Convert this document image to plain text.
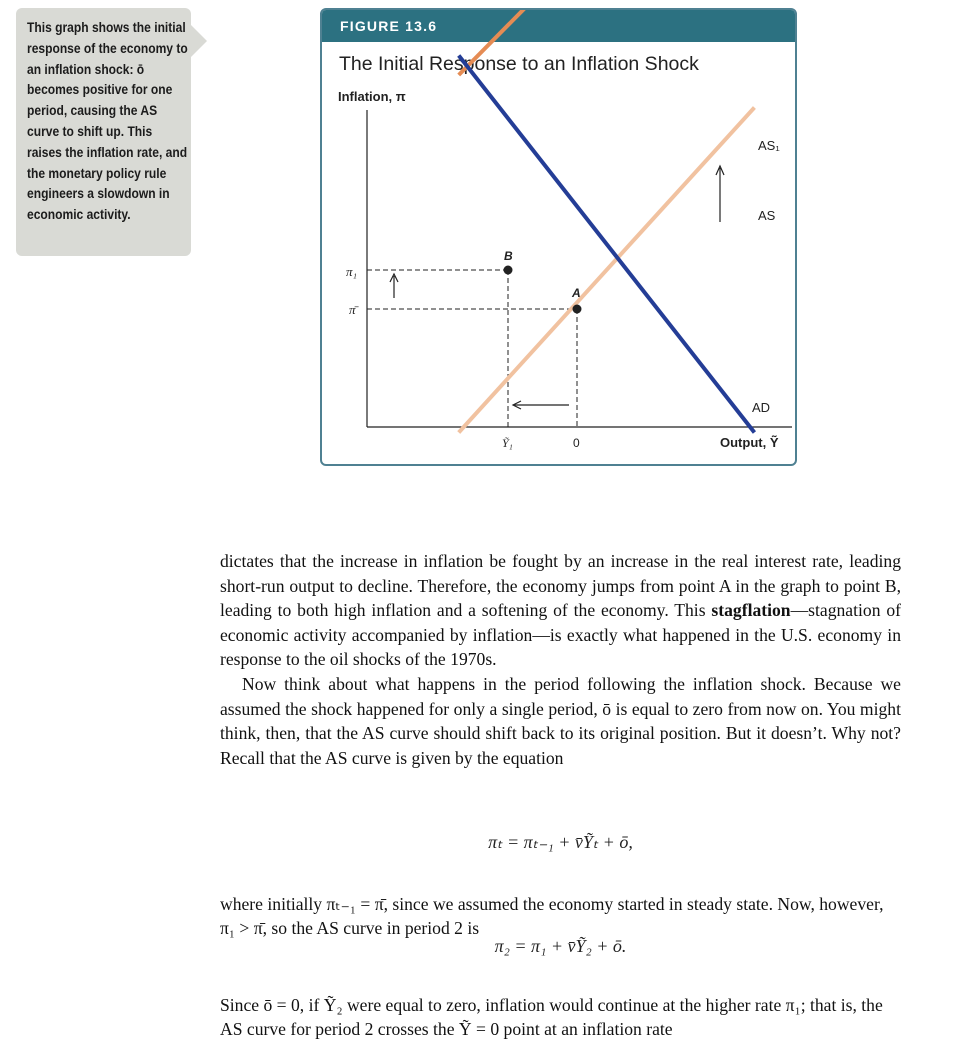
This graph shows the initial response of the economy to an inflation shock: ō becomes positive for one period, causing the AS curve to shift up. This raises the inflation rate, and the monetary policy rule engineers a slowdown in economic activity.

FIGURE 13.6
The Initial Response to an Inflation Shock
Inflation, π
B
A
AS₁
AS
AD
π₁
π̄
Ỹ₁	0	Output, Ỹ

dictates that the increase in inflation be fought by an increase in the real interest rate, leading short-run output to decline. Therefore, the economy jumps from point A in the graph to point B, leading to both high inflation and a softening of the economy. This stagflation—stagnation of economic activity accompanied by inflation—is exactly what happened in the U.S. economy in response to the oil shocks of the 1970s.

Now think about what happens in the period following the inflation shock. Because we assumed the shock happened for only a single period, ō is equal to zero from now on. You might think, then, that the AS curve should shift back to its original position. But it doesn’t. Why not? Recall that the AS curve is given by the equation

πₜ = πₜ₋₁ + v̄Ỹₜ + ō,

where initially πₜ₋₁ = π̄, since we assumed the economy started in steady state. Now, however, π₁ > π̄, so the AS curve in period 2 is

π₂ = π₁ + v̄Ỹ₂ + ō.

Since ō = 0, if Ỹ₂ were equal to zero, inflation would continue at the higher rate π₁; that is, the AS curve for period 2 crosses the Ỹ = 0 point at an inflation rate
